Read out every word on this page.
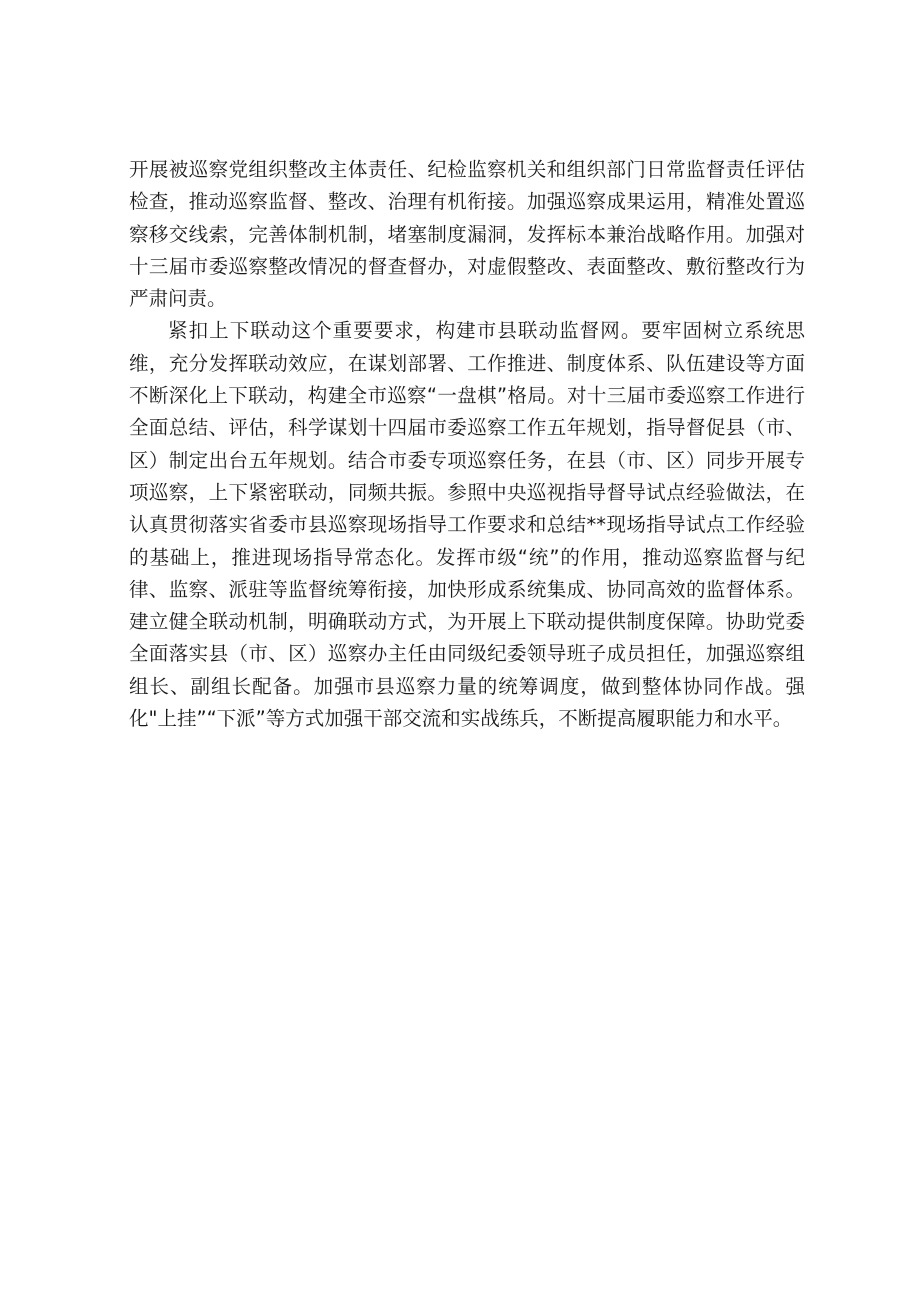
开展被巡察党组织整改主体责任、纪检监察机关和组织部门日常监督责任评估检查，推动巡察监督、整改、治理有机衔接。加强巡察成果运用，精准处置巡察移交线索，完善体制机制，堵塞制度漏洞，发挥标本兼治战略作用。加强对十三届市委巡察整改情况的督查督办，对虚假整改、表面整改、敷衍整改行为严肃问责。

紧扣上下联动这个重要要求，构建市县联动监督网。要牢固树立系统思维，充分发挥联动效应，在谋划部署、工作推进、制度体系、队伍建设等方面不断深化上下联动，构建全市巡察“一盘棋”格局。对十三届市委巡察工作进行全面总结、评估，科学谋划十四届市委巡察工作五年规划，指导督促县（市、区）制定出台五年规划。结合市委专项巡察任务，在县（市、区）同步开展专项巡察，上下紧密联动，同频共振。参照中央巡视指导督导试点经验做法，在认真贯彻落实省委市县巡察现场指导工作要求和总结**现场指导试点工作经验的基础上，推进现场指导常态化。发挥市级“统”的作用，推动巡察监督与纪律、监察、派驻等监督统筹衔接，加快形成系统集成、协同高效的监督体系。建立健全联动机制，明确联动方式，为开展上下联动提供制度保障。协助党委全面落实县（市、区）巡察办主任由同级纪委领导班子成员担任，加强巡察组组长、副组长配备。加强市县巡察力量的统筹调度，做到整体协同作战。强化"上挂”“下派”等方式加强干部交流和实战练兵，不断提高履职能力和水平。
